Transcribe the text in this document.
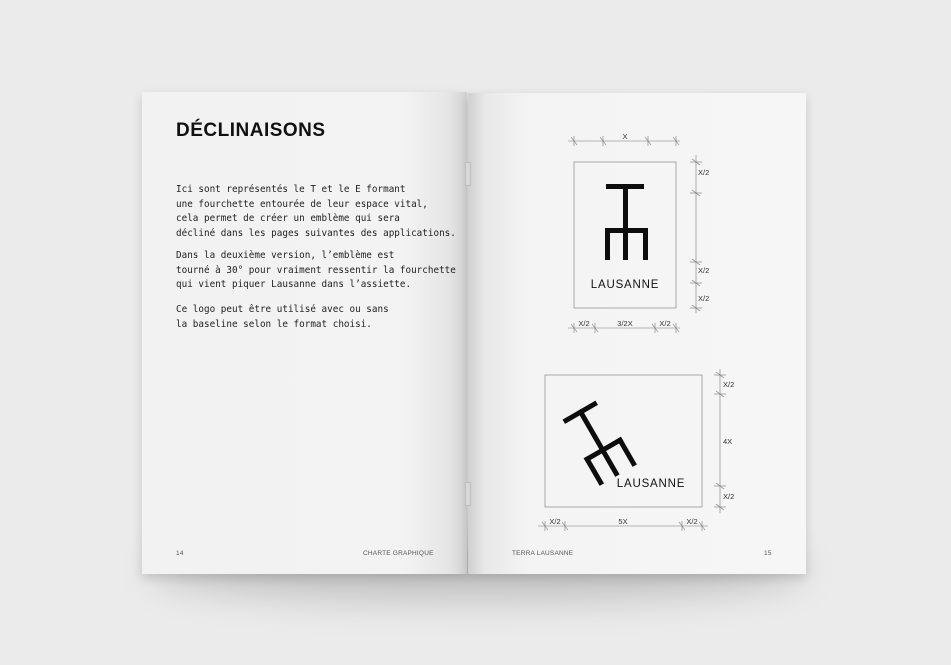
DÉCLINAISONS

Ici sont représentés le T et le E formant
une fourchette entourée de leur espace vital,
cela permet de créer un emblème qui sera
décliné dans les pages suivantes des applications.

Dans la deuxième version, l’emblème est
tourné à 30° pour vraiment ressentir la fourchette
qui vient piquer Lausanne dans l’assiette.

Ce logo peut être utilisé avec ou sans
la baseline selon le format choisi.

14	CHARTE GRAPHIQUE
LAUSANNE
LAUSANNE
X
X/2
X/2
X/2
X/2	3/2X	X/2
X/2
4X
X/2
X/2	5X	X/2
TERRA LAUSANNE	15
